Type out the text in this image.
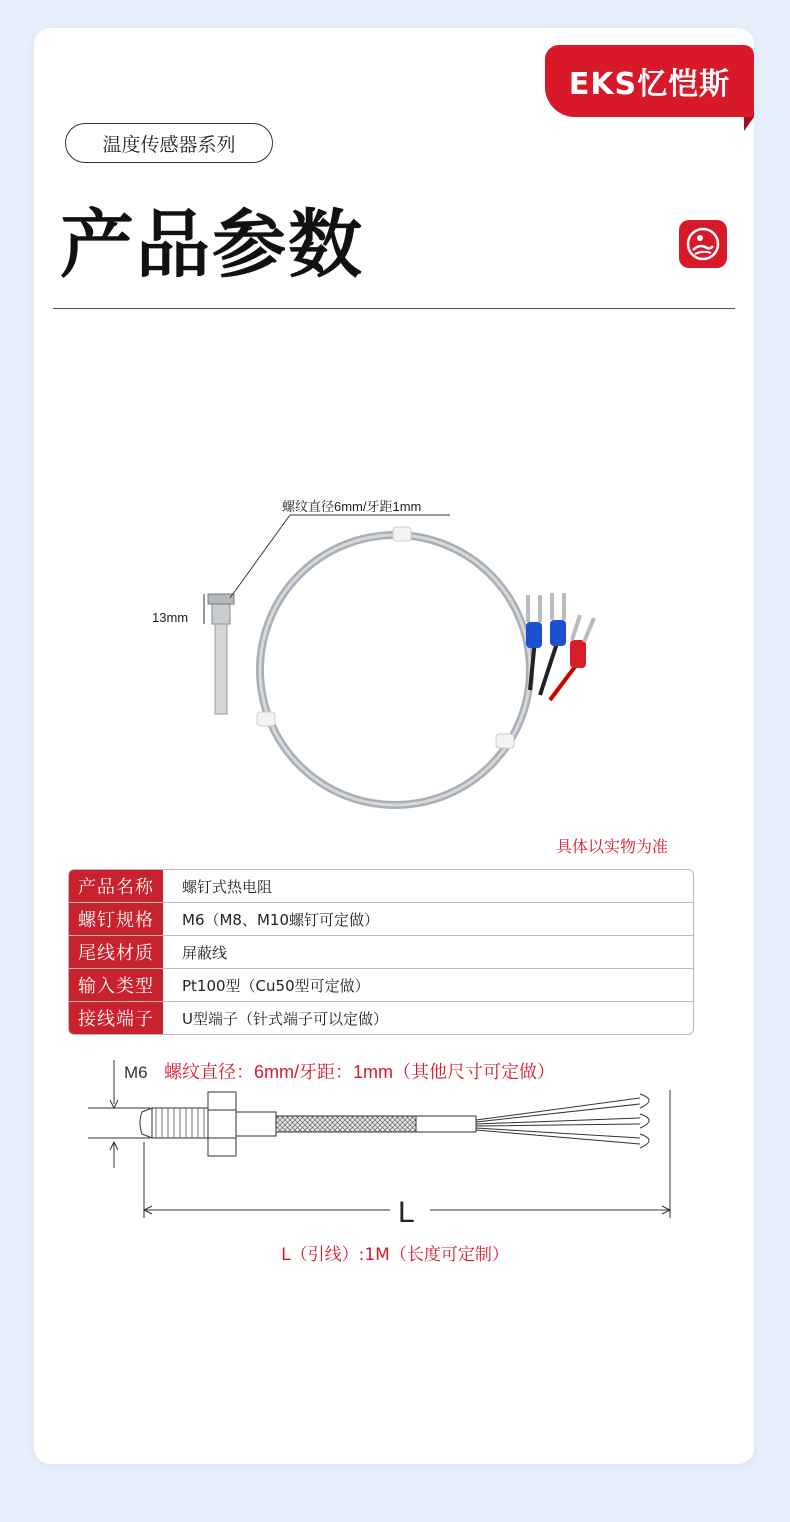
EKS忆恺斯
温度传感器系列
产品参数
13mm
螺纹直径6mm/牙距1mm
具体以实物为准
产品名称	螺钉式热电阻
螺钉规格	M6（M8、M10螺钉可定做）
尾线材质	屏蔽线
输入类型	Pt100型（Cu50型可定做）
接线端子	U型端子（针式端子可以定做）
M6 螺纹直径：6mm/牙距：1mm（其他尺寸可定做）
L
L（引线）:1M（长度可定制）
